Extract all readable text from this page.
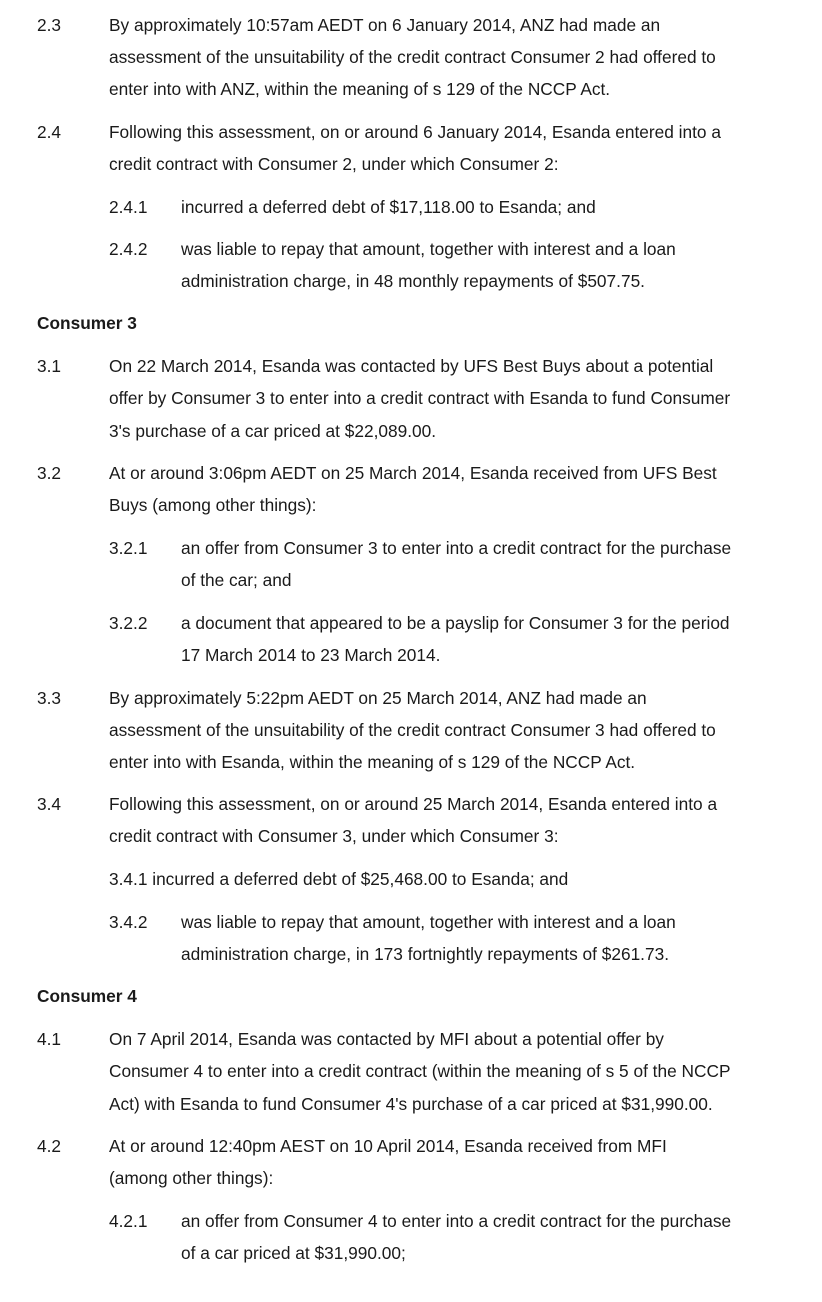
2.3	By approximately 10:57am AEDT on 6 January 2014, ANZ had made an
assessment of the unsuitability of the credit contract Consumer 2 had offered to
enter into with ANZ, within the meaning of s 129 of the NCCP Act.
2.4	Following this assessment, on or around 6 January 2014, Esanda entered into a
credit contract with Consumer 2, under which Consumer 2:
2.4.1 incurred a deferred debt of $17,118.00 to Esanda; and
2.4.2 was liable to repay that amount, together with interest and a loan
administration charge, in 48 monthly repayments of $507.75.
Consumer 3
3.1	On 22 March 2014, Esanda was contacted by UFS Best Buys about a potential
offer by Consumer 3 to enter into a credit contract with Esanda to fund Consumer
3's purchase of a car priced at $22,089.00.
3.2	At or around 3:06pm AEDT on 25 March 2014, Esanda received from UFS Best
Buys (among other things):
3.2.1 an offer from Consumer 3 to enter into a credit contract for the purchase
of the car; and
3.2.2 a document that appeared to be a payslip for Consumer 3 for the period
17 March 2014 to 23 March 2014.
3.3	By approximately 5:22pm AEDT on 25 March 2014, ANZ had made an
assessment of the unsuitability of the credit contract Consumer 3 had offered to
enter into with Esanda, within the meaning of s 129 of the NCCP Act.
3.4	Following this assessment, on or around 25 March 2014, Esanda entered into a
credit contract with Consumer 3, under which Consumer 3:
3.4.1 incurred a deferred debt of $25,468.00 to Esanda; and
3.4.2 was liable to repay that amount, together with interest and a loan
administration charge, in 173 fortnightly repayments of $261.73.
Consumer 4
4.1	On 7 April 2014, Esanda was contacted by MFI about a potential offer by
Consumer 4 to enter into a credit contract (within the meaning of s 5 of the NCCP
Act) with Esanda to fund Consumer 4's purchase of a car priced at $31,990.00.
4.2	At or around 12:40pm AEST on 10 April 2014, Esanda received from MFI
(among other things):
4.2.1 an offer from Consumer 4 to enter into a credit contract for the purchase
of a car priced at $31,990.00;
